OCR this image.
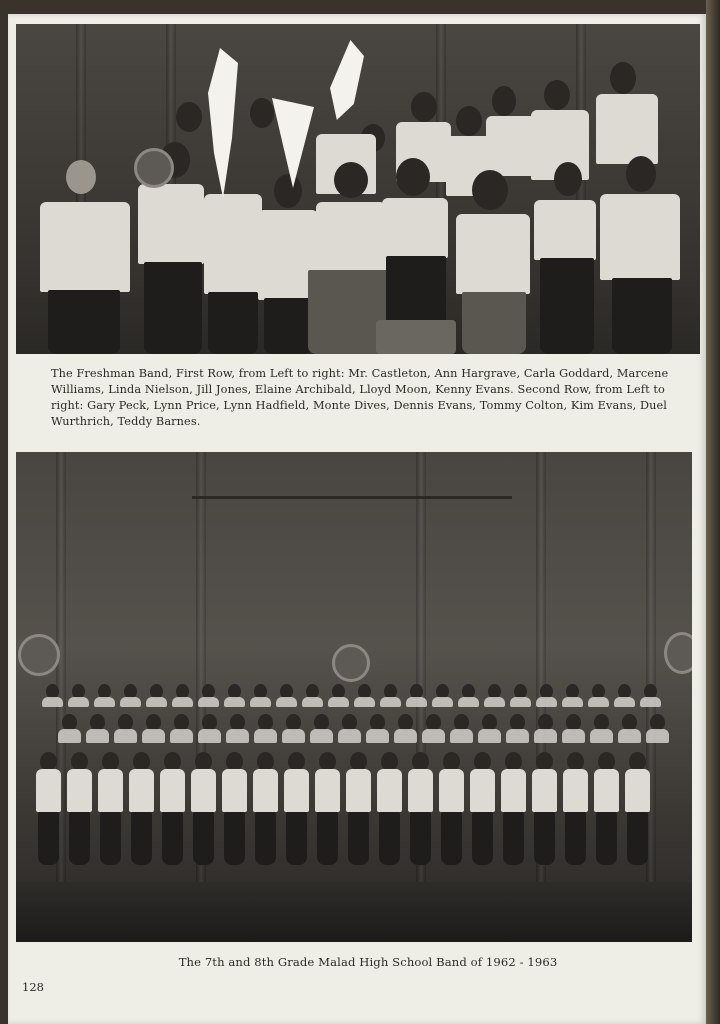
The Freshman Band, First Row, from Left to right: Mr. Castleton, Ann Hargrave, Carla Goddard, Marcene Williams, Linda Nielson, Jill Jones, Elaine Archibald, Lloyd Moon, Kenny Evans. Second Row, from Left to right: Gary Peck, Lynn Price, Lynn Hadfield, Monte Dives, Dennis Evans, Tommy Colton, Kim Evans, Duel Wurthrich, Teddy Barnes.
The 7th and 8th Grade Malad High School Band of 1962 - 1963
128
